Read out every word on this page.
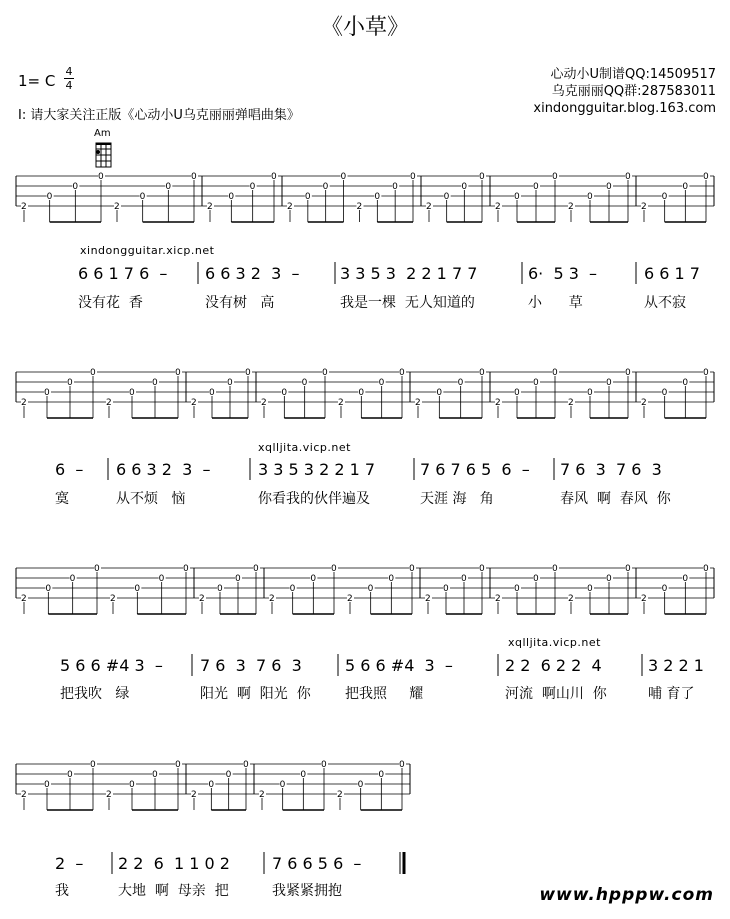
《小草》
1= C
4
4
I: 请大家关注正版《心动小U乌克丽丽弹唱曲集》
心动小U制谱QQ:14509517
乌克丽丽QQ群:287583011
xindongguitar.blog.163.com
Am
2
0
0
0
2
0
0
0
2
0
0
0
2
0
0
0
2
0
0
0
2
0
0
0
2
0
0
0
2
0
0
0
2
0
0
0
2
0
0
0
2
0
0
0
2
0
0
0
2
0
0
0
2
0
0
0
2
0
0
0
2
0
0
0
2
0
0
0
2
0
0
0
2
0
0
0
2
0
0
0
2
0
0
0
2
0
0
0
2
0
0
0
2
0
0
0
2
0
0
0
2
0
0
0
2
0
0
0
2
0
0
0
2
0
0
0
2
0
0
0
2
0
0
0
2
0
0
0
xindongguitar.xicp.net
xqlljita.vicp.net
xqlljita.vicp.net
6 6 1 7 6  –
没有花  香
6 6 3 2  3  –
没有树   高
3 3 5 3  2 2 1 7 7
我是一棵  无人知道的
6·  5 3  –
小      草
6 6 1 7
从不寂
6  –
寞
6 6 3 2  3  –
从不烦   恼
3 3 5 3 2 2 1 7
你看我的伙伴遍及
7 6 7 6 5  6  –
天涯 海   角
7 6  3  7 6  3
春风  啊  春风  你
5 6 6 #4 3  –
把我吹   绿
7 6  3  7 6  3
阳光  啊  阳光  你
5 6 6 #4  3  –
把我照     耀
2 2  6 2 2  4
河流  啊山川  你
3 2 2 1
哺 育了
2  –
我
2 2  6  1 1 0 2
大地  啊  母亲  把
7 6 6 5 6  –
我紧紧拥抱	www.hpppw.com
